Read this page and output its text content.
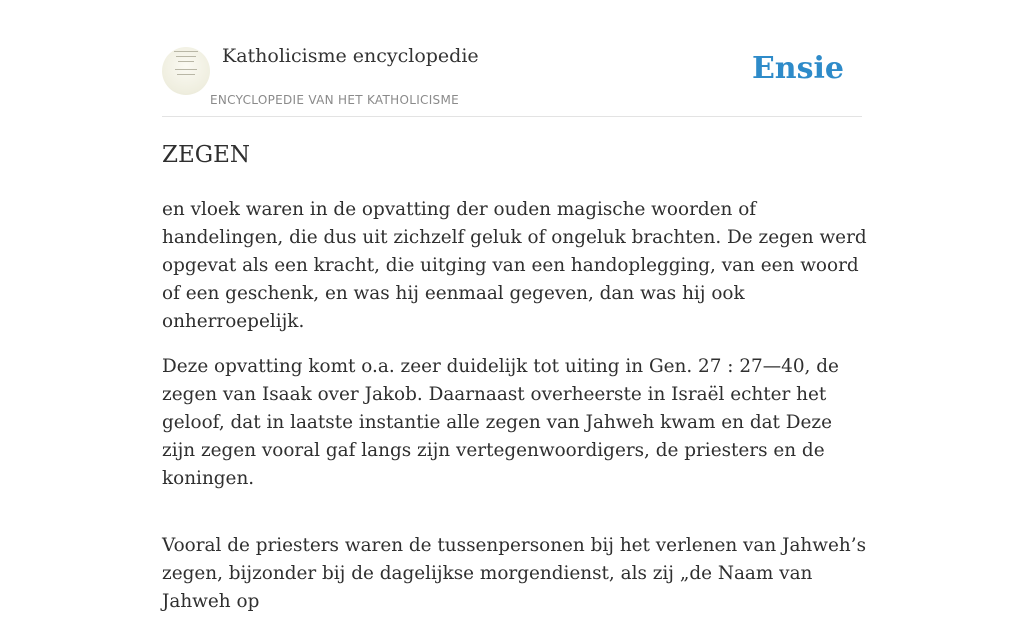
Katholicisme encyclopedie
ENCYCLOPEDIE VAN HET KATHOLICISME
Ensie
ZEGEN

en vloek waren in de opvatting der ouden magische woorden of handelingen, die dus uit zichzelf geluk of ongeluk brachten. De zegen werd opgevat als een kracht, die uitging van een handoplegging, van een woord of een geschenk, en was hij eenmaal gegeven, dan was hij ook onherroepelijk.

Deze opvatting komt o.a. zeer duidelijk tot uiting in Gen. 27 : 27—40, de zegen van Isaak over Jakob. Daarnaast overheerste in Israël echter het geloof, dat in laatste instantie alle zegen van Jahweh kwam en dat Deze zijn zegen vooral gaf langs zijn vertegenwoordigers, de priesters en de koningen.

Vooral de priesters waren de tussenpersonen bij het verlenen van Jahweh’s zegen, bijzonder bij de dagelijkse morgendienst, als zij „de Naam van Jahweh op
